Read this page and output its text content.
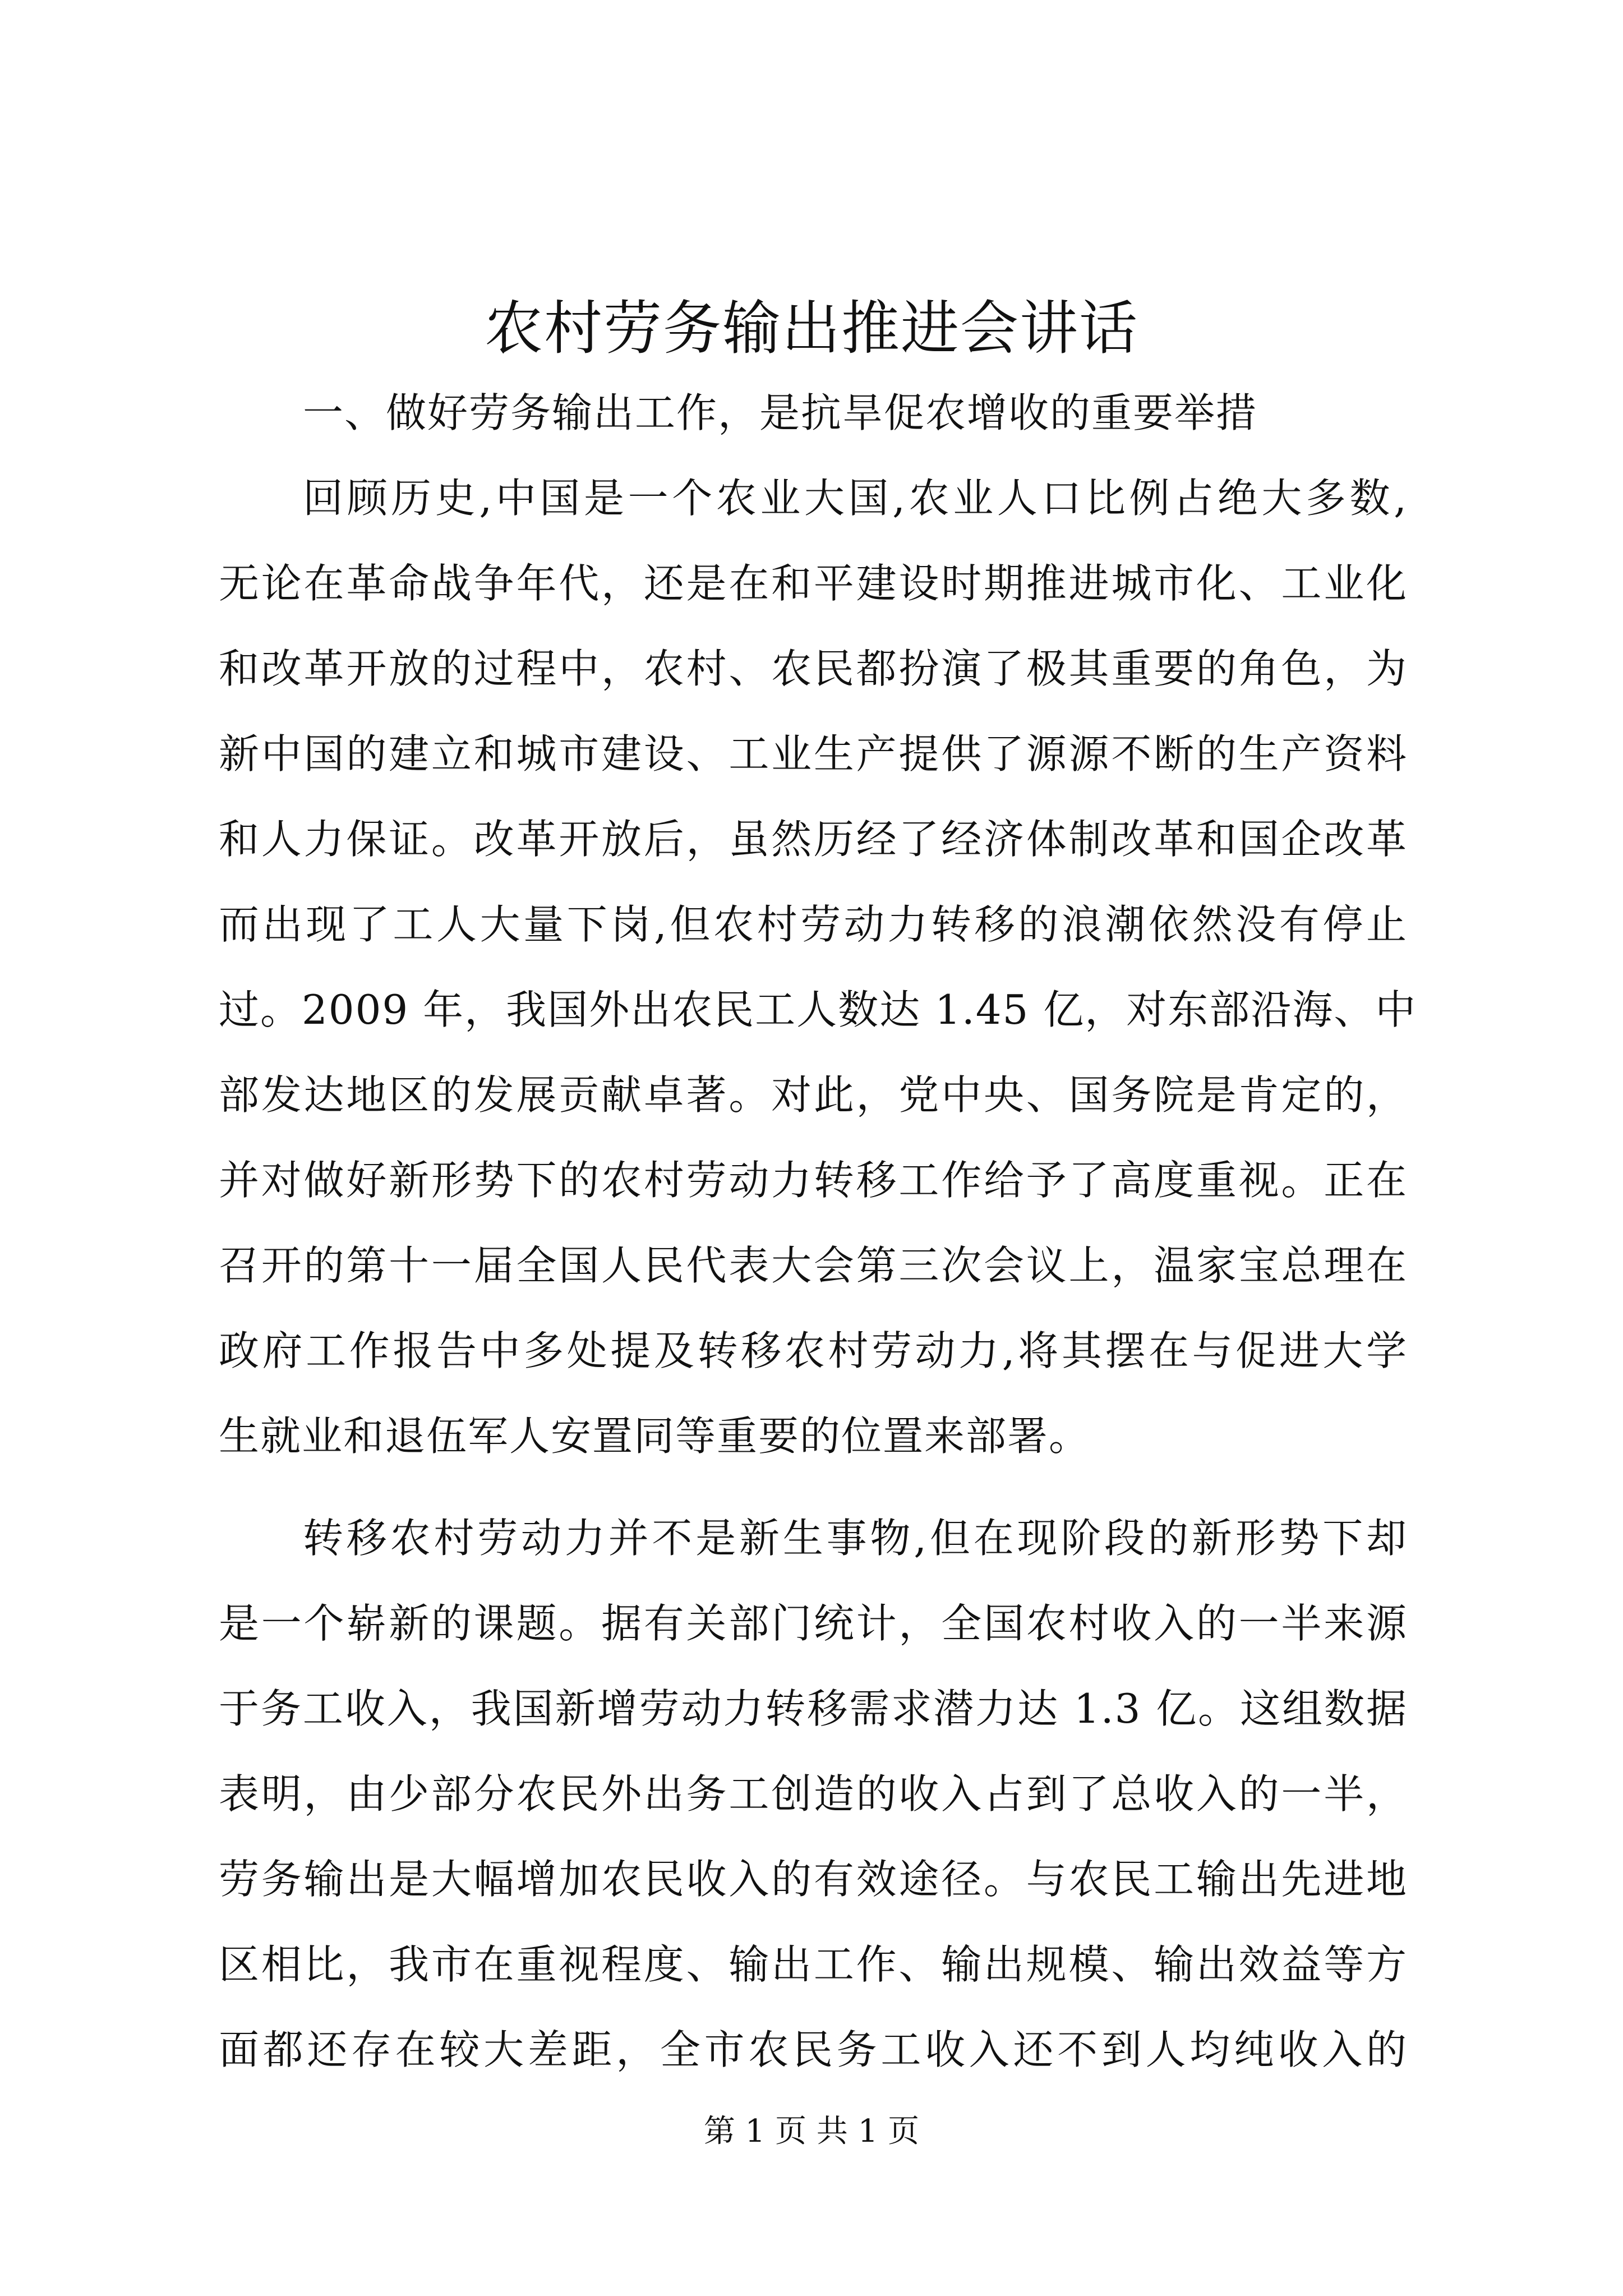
农村劳务输出推进会讲话
一、做好劳务输出工作，是抗旱促农增收的重要举措
回顾历史,中国是一个农业大国,农业人口比例占绝大多数,
无论在革命战争年代，还是在和平建设时期推进城市化、工业化
和改革开放的过程中，农村、农民都扮演了极其重要的角色，为
新中国的建立和城市建设、工业生产提供了源源不断的生产资料
和人力保证。改革开放后，虽然历经了经济体制改革和国企改革
而出现了工人大量下岗,但农村劳动力转移的浪潮依然没有停止
过。2009 年，我国外出农民工人数达 1.45 亿，对东部沿海、中
部发达地区的发展贡献卓著。对此，党中央、国务院是肯定的，
并对做好新形势下的农村劳动力转移工作给予了高度重视。正在
召开的第十一届全国人民代表大会第三次会议上，温家宝总理在
政府工作报告中多处提及转移农村劳动力,将其摆在与促进大学
生就业和退伍军人安置同等重要的位置来部署。
转移农村劳动力并不是新生事物,但在现阶段的新形势下却
是一个崭新的课题。据有关部门统计，全国农村收入的一半来源
于务工收入，我国新增劳动力转移需求潜力达 1.3 亿。这组数据
表明，由少部分农民外出务工创造的收入占到了总收入的一半，
劳务输出是大幅增加农民收入的有效途径。与农民工输出先进地
区相比，我市在重视程度、输出工作、输出规模、输出效益等方
面都还存在较大差距，全市农民务工收入还不到人均纯收入的
第 1 页 共 1 页
